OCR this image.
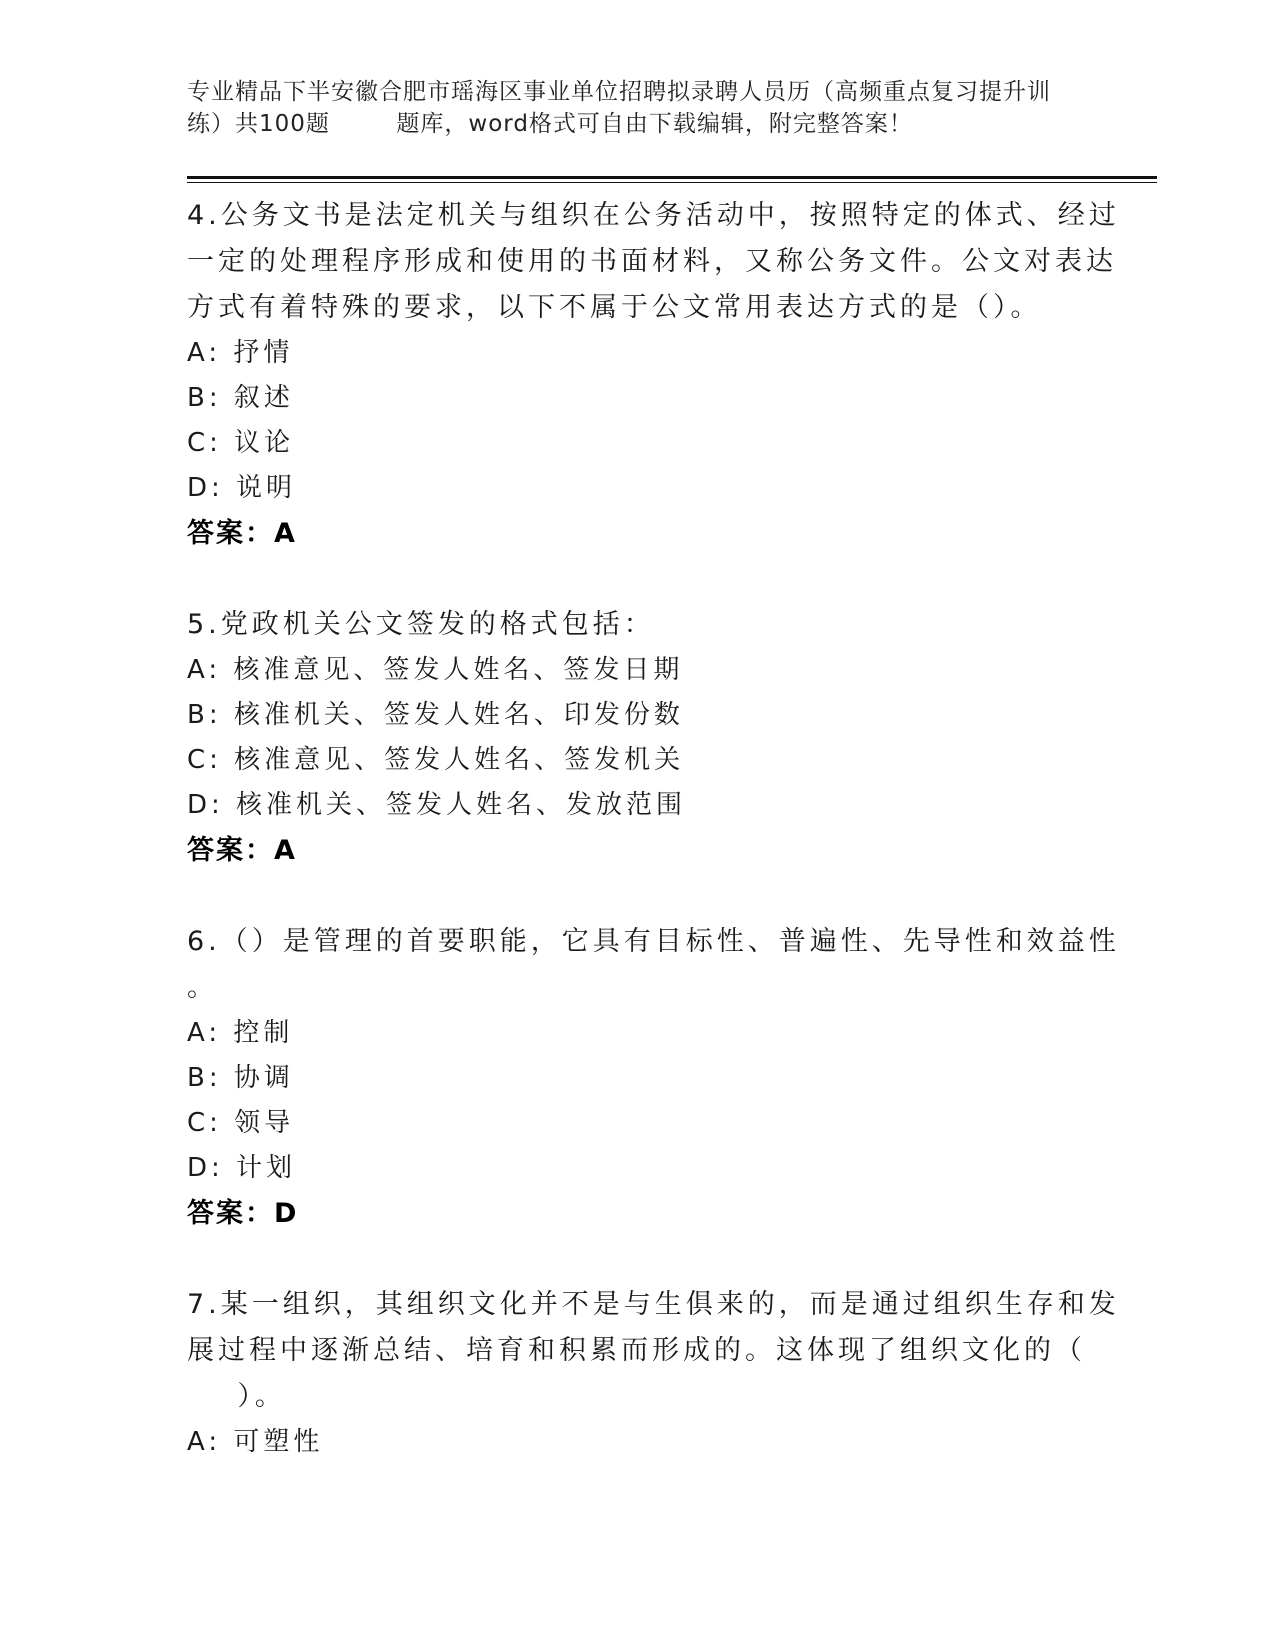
专业精品下半安徽合肥市瑶海区事业单位招聘拟录聘人员历（高频重点复习提升训
练）共100题        题库，word格式可自由下载编辑，附完整答案！
4.公务文书是法定机关与组织在公务活动中，按照特定的体式、经过
一定的处理程序形成和使用的书面材料，又称公务文件。公文对表达
方式有着特殊的要求，以下不属于公文常用表达方式的是（）。
A: 抒情
B: 叙述
C: 议论
D: 说明
答案：A
5.党政机关公文签发的格式包括：
A: 核准意见、签发人姓名、签发日期
B: 核准机关、签发人姓名、印发份数
C: 核准意见、签发人姓名、签发机关
D: 核准机关、签发人姓名、发放范围
答案：A
6.（）是管理的首要职能，它具有目标性、普遍性、先导性和效益性
。
A: 控制
B: 协调
C: 领导
D: 计划
答案：D
7.某一组织，其组织文化并不是与生俱来的，而是通过组织生存和发
展过程中逐渐总结、培育和积累而形成的。这体现了组织文化的（
）。
A: 可塑性
